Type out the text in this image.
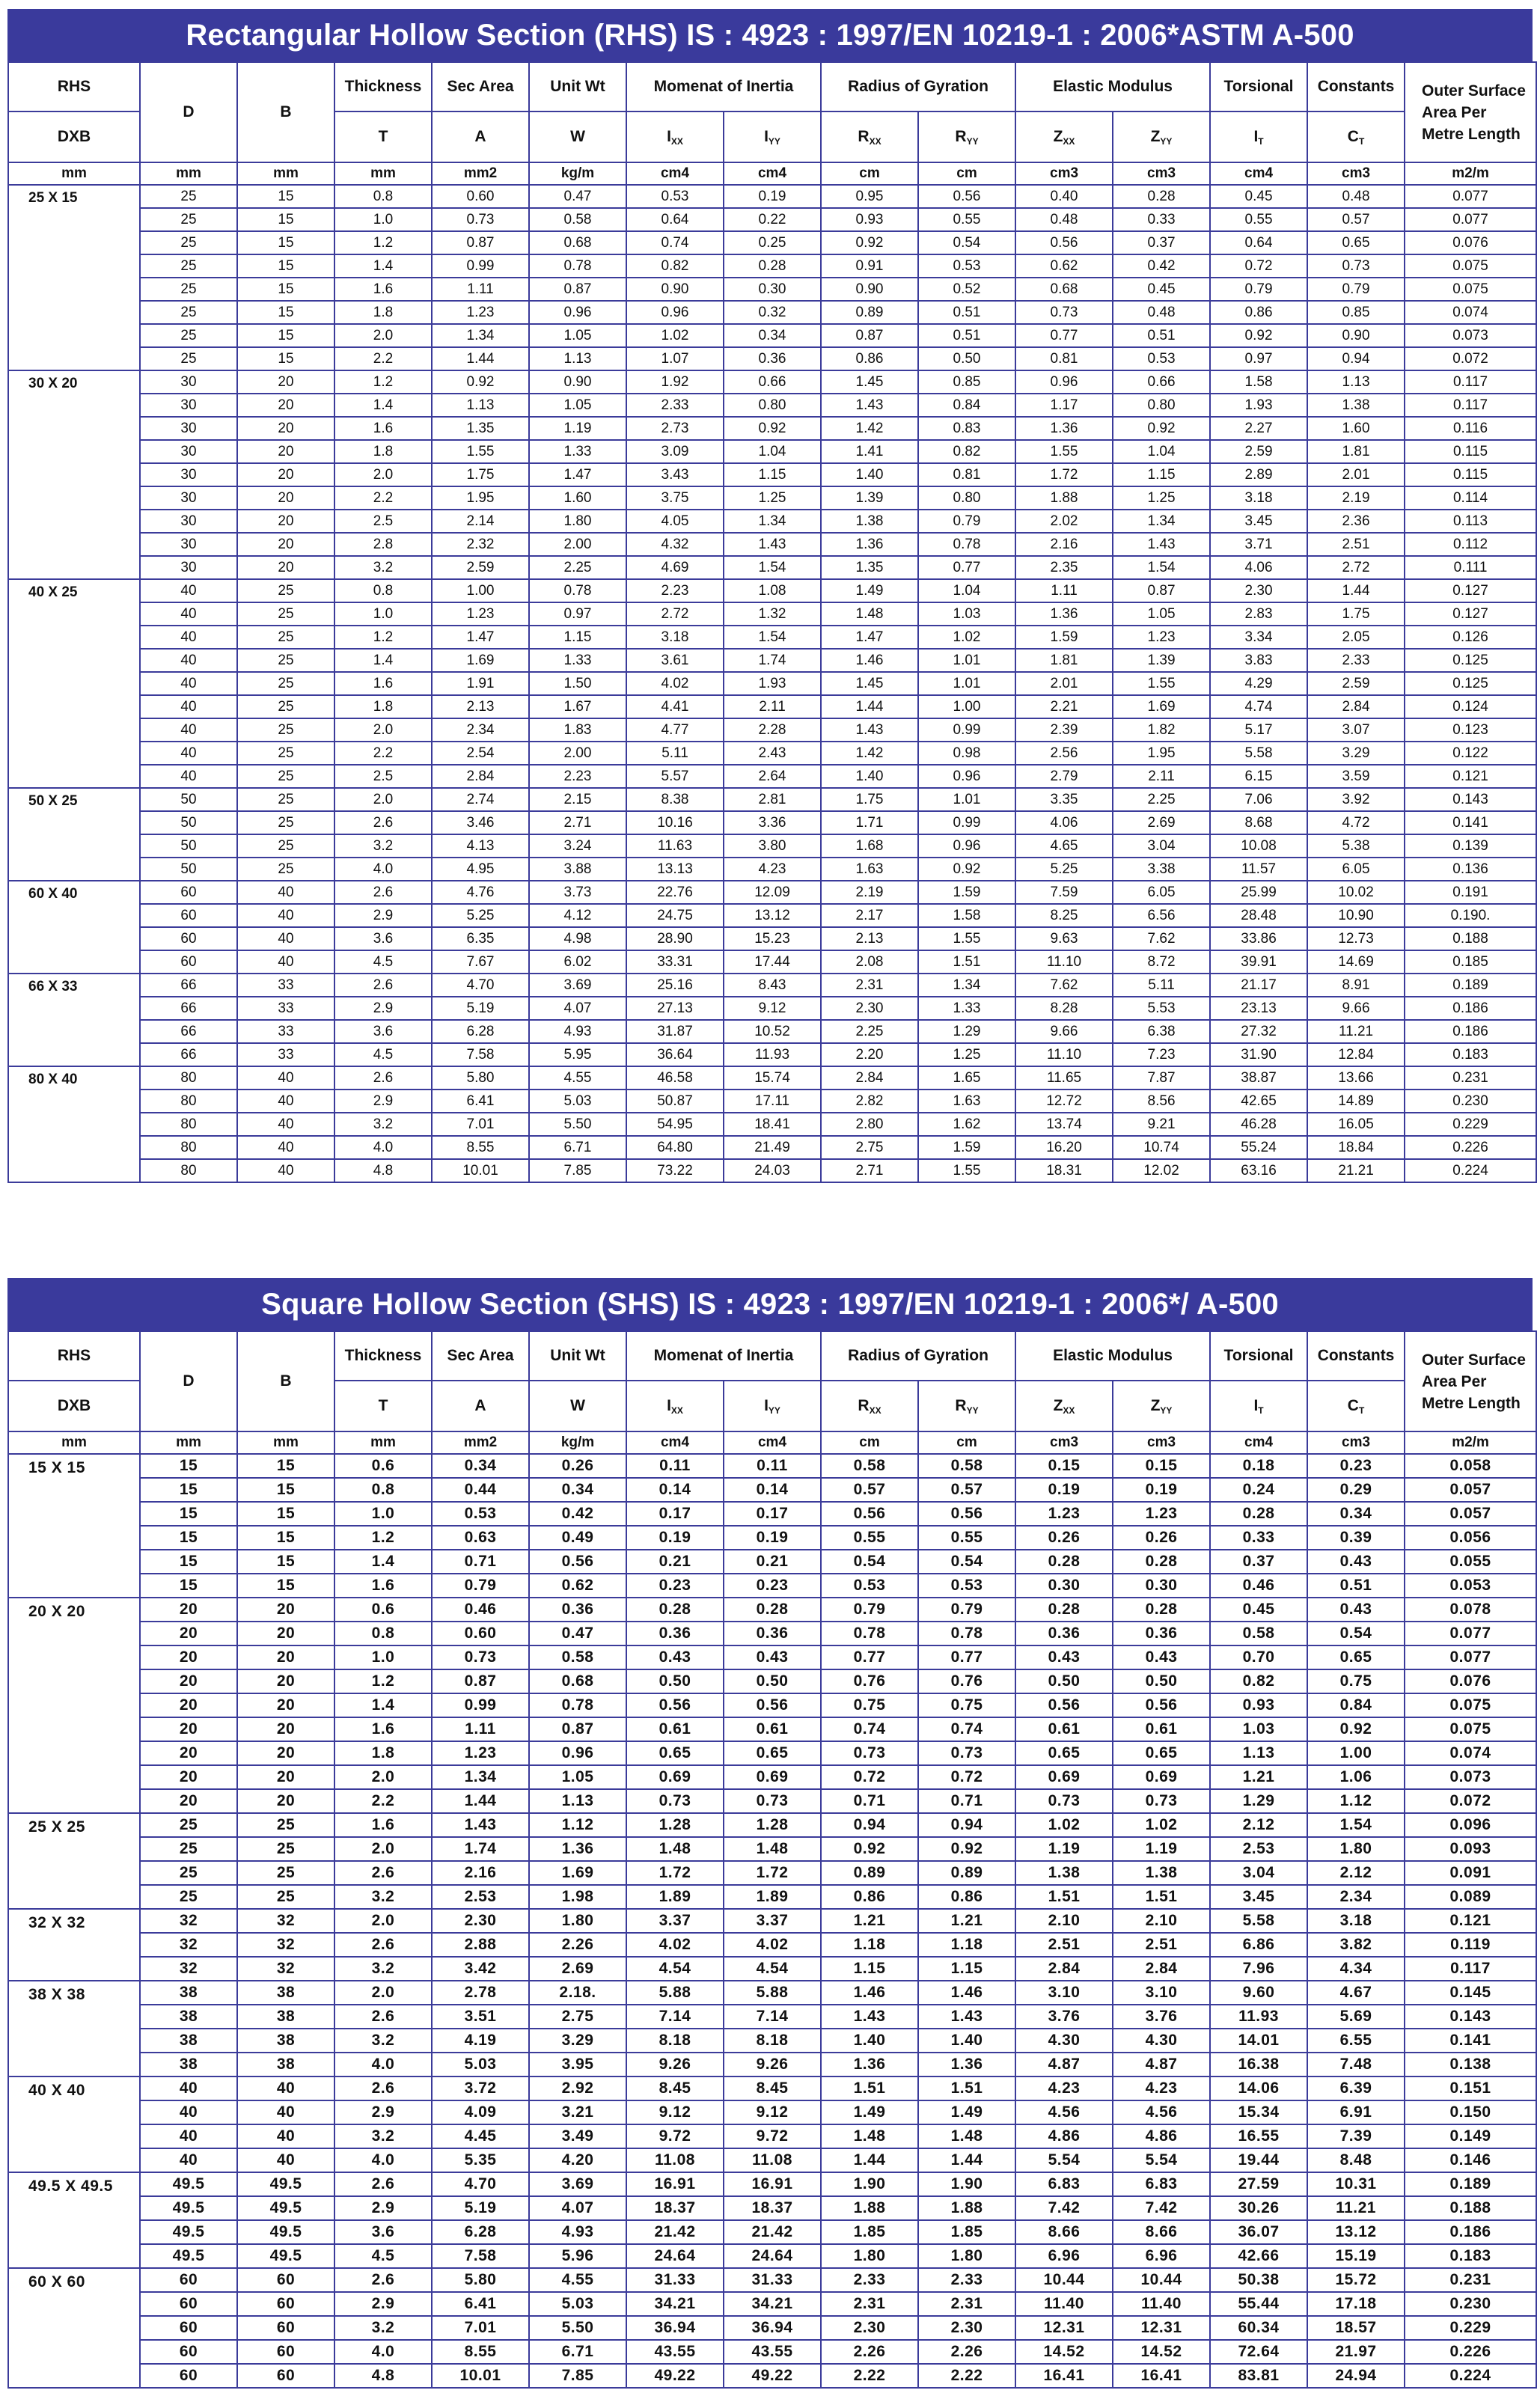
Rectangular Hollow Section (RHS) IS : 4923 : 1997/EN 10219-1 : 2006*ASTM A-500
RHS	D	B	Thickness	Sec Area	Unit Wt	Momenat of Inertia		Radius of Gyration		Elastic Modulus		Torsional	Constants	Outer Surface
Area Per
Metre Length
DXB			T	A	W	$I_{XX}$	$I_{YY}$	$R_{XX}$	$R_{YY}$	$Z_{XX}$	$Z_{YY}$	$I_T$	$C_T$
mm	mm	mm	mm	mm2	kg/m	cm4	cm4	cm	cm	cm3	cm3	cm4	cm3	m2/m
25 X 15	25	15	0.8	0.60	0.47	0.53	0.19	0.95	0.56	0.40	0.28	0.45	0.48	0.077
	25	15	1.0	0.73	0.58	0.64	0.22	0.93	0.55	0.48	0.33	0.55	0.57	0.077
	25	15	1.2	0.87	0.68	0.74	0.25	0.92	0.54	0.56	0.37	0.64	0.65	0.076
	25	15	1.4	0.99	0.78	0.82	0.28	0.91	0.53	0.62	0.42	0.72	0.73	0.075
	25	15	1.6	1.11	0.87	0.90	0.30	0.90	0.52	0.68	0.45	0.79	0.79	0.075
	25	15	1.8	1.23	0.96	0.96	0.32	0.89	0.51	0.73	0.48	0.86	0.85	0.074
	25	15	2.0	1.34	1.05	1.02	0.34	0.87	0.51	0.77	0.51	0.92	0.90	0.073
	25	15	2.2	1.44	1.13	1.07	0.36	0.86	0.50	0.81	0.53	0.97	0.94	0.072
30 X 20	30	20	1.2	0.92	0.90	1.92	0.66	1.45	0.85	0.96	0.66	1.58	1.13	0.117
	30	20	1.4	1.13	1.05	2.33	0.80	1.43	0.84	1.17	0.80	1.93	1.38	0.117
	30	20	1.6	1.35	1.19	2.73	0.92	1.42	0.83	1.36	0.92	2.27	1.60	0.116
	30	20	1.8	1.55	1.33	3.09	1.04	1.41	0.82	1.55	1.04	2.59	1.81	0.115
	30	20	2.0	1.75	1.47	3.43	1.15	1.40	0.81	1.72	1.15	2.89	2.01	0.115
	30	20	2.2	1.95	1.60	3.75	1.25	1.39	0.80	1.88	1.25	3.18	2.19	0.114
	30	20	2.5	2.14	1.80	4.05	1.34	1.38	0.79	2.02	1.34	3.45	2.36	0.113
	30	20	2.8	2.32	2.00	4.32	1.43	1.36	0.78	2.16	1.43	3.71	2.51	0.112
	30	20	3.2	2.59	2.25	4.69	1.54	1.35	0.77	2.35	1.54	4.06	2.72	0.111
40 X 25	40	25	0.8	1.00	0.78	2.23	1.08	1.49	1.04	1.11	0.87	2.30	1.44	0.127
	40	25	1.0	1.23	0.97	2.72	1.32	1.48	1.03	1.36	1.05	2.83	1.75	0.127
	40	25	1.2	1.47	1.15	3.18	1.54	1.47	1.02	1.59	1.23	3.34	2.05	0.126
	40	25	1.4	1.69	1.33	3.61	1.74	1.46	1.01	1.81	1.39	3.83	2.33	0.125
	40	25	1.6	1.91	1.50	4.02	1.93	1.45	1.01	2.01	1.55	4.29	2.59	0.125
	40	25	1.8	2.13	1.67	4.41	2.11	1.44	1.00	2.21	1.69	4.74	2.84	0.124
	40	25	2.0	2.34	1.83	4.77	2.28	1.43	0.99	2.39	1.82	5.17	3.07	0.123
	40	25	2.2	2.54	2.00	5.11	2.43	1.42	0.98	2.56	1.95	5.58	3.29	0.122
	40	25	2.5	2.84	2.23	5.57	2.64	1.40	0.96	2.79	2.11	6.15	3.59	0.121
50 X 25	50	25	2.0	2.74	2.15	8.38	2.81	1.75	1.01	3.35	2.25	7.06	3.92	0.143
	50	25	2.6	3.46	2.71	10.16	3.36	1.71	0.99	4.06	2.69	8.68	4.72	0.141
	50	25	3.2	4.13	3.24	11.63	3.80	1.68	0.96	4.65	3.04	10.08	5.38	0.139
	50	25	4.0	4.95	3.88	13.13	4.23	1.63	0.92	5.25	3.38	11.57	6.05	0.136
60 X 40	60	40	2.6	4.76	3.73	22.76	12.09	2.19	1.59	7.59	6.05	25.99	10.02	0.191
	60	40	2.9	5.25	4.12	24.75	13.12	2.17	1.58	8.25	6.56	28.48	10.90	0.190.
	60	40	3.6	6.35	4.98	28.90	15.23	2.13	1.55	9.63	7.62	33.86	12.73	0.188
	60	40	4.5	7.67	6.02	33.31	17.44	2.08	1.51	11.10	8.72	39.91	14.69	0.185
66 X 33	66	33	2.6	4.70	3.69	25.16	8.43	2.31	1.34	7.62	5.11	21.17	8.91	0.189
	66	33	2.9	5.19	4.07	27.13	9.12	2.30	1.33	8.28	5.53	23.13	9.66	0.186
	66	33	3.6	6.28	4.93	31.87	10.52	2.25	1.29	9.66	6.38	27.32	11.21	0.186
	66	33	4.5	7.58	5.95	36.64	11.93	2.20	1.25	11.10	7.23	31.90	12.84	0.183
80 X 40	80	40	2.6	5.80	4.55	46.58	15.74	2.84	1.65	11.65	7.87	38.87	13.66	0.231
	80	40	2.9	6.41	5.03	50.87	17.11	2.82	1.63	12.72	8.56	42.65	14.89	0.230
	80	40	3.2	7.01	5.50	54.95	18.41	2.80	1.62	13.74	9.21	46.28	16.05	0.229
	80	40	4.0	8.55	6.71	64.80	21.49	2.75	1.59	16.20	10.74	55.24	18.84	0.226
	80	40	4.8	10.01	7.85	73.22	24.03	2.71	1.55	18.31	12.02	63.16	21.21	0.224
Square Hollow Section (SHS) IS : 4923 : 1997/EN 10219-1 : 2006*/ A-500
RHS	D	B	Thickness	Sec Area	Unit Wt	Momenat of Inertia		Radius of Gyration		Elastic Modulus		Torsional	Constants	Outer Surface
Area Per
Metre Length
DXB			T	A	W	$I_{XX}$	$I_{YY}$	$R_{XX}$	$R_{YY}$	$Z_{XX}$	$Z_{YY}$	$I_T$	$C_T$
mm	mm	mm	mm	mm2	kg/m	cm4	cm4	cm	cm	cm3	cm3	cm4	cm3	m2/m
15 X 15	15	15	0.6	0.34	0.26	0.11	0.11	0.58	0.58	0.15	0.15	0.18	0.23	0.058
	15	15	0.8	0.44	0.34	0.14	0.14	0.57	0.57	0.19	0.19	0.24	0.29	0.057
	15	15	1.0	0.53	0.42	0.17	0.17	0.56	0.56	1.23	1.23	0.28	0.34	0.057
	15	15	1.2	0.63	0.49	0.19	0.19	0.55	0.55	0.26	0.26	0.33	0.39	0.056
	15	15	1.4	0.71	0.56	0.21	0.21	0.54	0.54	0.28	0.28	0.37	0.43	0.055
	15	15	1.6	0.79	0.62	0.23	0.23	0.53	0.53	0.30	0.30	0.46	0.51	0.053
20 X 20	20	20	0.6	0.46	0.36	0.28	0.28	0.79	0.79	0.28	0.28	0.45	0.43	0.078
	20	20	0.8	0.60	0.47	0.36	0.36	0.78	0.78	0.36	0.36	0.58	0.54	0.077
	20	20	1.0	0.73	0.58	0.43	0.43	0.77	0.77	0.43	0.43	0.70	0.65	0.077
	20	20	1.2	0.87	0.68	0.50	0.50	0.76	0.76	0.50	0.50	0.82	0.75	0.076
	20	20	1.4	0.99	0.78	0.56	0.56	0.75	0.75	0.56	0.56	0.93	0.84	0.075
	20	20	1.6	1.11	0.87	0.61	0.61	0.74	0.74	0.61	0.61	1.03	0.92	0.075
	20	20	1.8	1.23	0.96	0.65	0.65	0.73	0.73	0.65	0.65	1.13	1.00	0.074
	20	20	2.0	1.34	1.05	0.69	0.69	0.72	0.72	0.69	0.69	1.21	1.06	0.073
	20	20	2.2	1.44	1.13	0.73	0.73	0.71	0.71	0.73	0.73	1.29	1.12	0.072
25 X 25	25	25	1.6	1.43	1.12	1.28	1.28	0.94	0.94	1.02	1.02	2.12	1.54	0.096
	25	25	2.0	1.74	1.36	1.48	1.48	0.92	0.92	1.19	1.19	2.53	1.80	0.093
	25	25	2.6	2.16	1.69	1.72	1.72	0.89	0.89	1.38	1.38	3.04	2.12	0.091
	25	25	3.2	2.53	1.98	1.89	1.89	0.86	0.86	1.51	1.51	3.45	2.34	0.089
32 X 32	32	32	2.0	2.30	1.80	3.37	3.37	1.21	1.21	2.10	2.10	5.58	3.18	0.121
	32	32	2.6	2.88	2.26	4.02	4.02	1.18	1.18	2.51	2.51	6.86	3.82	0.119
	32	32	3.2	3.42	2.69	4.54	4.54	1.15	1.15	2.84	2.84	7.96	4.34	0.117
38 X 38	38	38	2.0	2.78	2.18.	5.88	5.88	1.46	1.46	3.10	3.10	9.60	4.67	0.145
	38	38	2.6	3.51	2.75	7.14	7.14	1.43	1.43	3.76	3.76	11.93	5.69	0.143
	38	38	3.2	4.19	3.29	8.18	8.18	1.40	1.40	4.30	4.30	14.01	6.55	0.141
	38	38	4.0	5.03	3.95	9.26	9.26	1.36	1.36	4.87	4.87	16.38	7.48	0.138
40 X 40	40	40	2.6	3.72	2.92	8.45	8.45	1.51	1.51	4.23	4.23	14.06	6.39	0.151
	40	40	2.9	4.09	3.21	9.12	9.12	1.49	1.49	4.56	4.56	15.34	6.91	0.150
	40	40	3.2	4.45	3.49	9.72	9.72	1.48	1.48	4.86	4.86	16.55	7.39	0.149
	40	40	4.0	5.35	4.20	11.08	11.08	1.44	1.44	5.54	5.54	19.44	8.48	0.146
49.5 X 49.5	49.5	49.5	2.6	4.70	3.69	16.91	16.91	1.90	1.90	6.83	6.83	27.59	10.31	0.189
	49.5	49.5	2.9	5.19	4.07	18.37	18.37	1.88	1.88	7.42	7.42	30.26	11.21	0.188
	49.5	49.5	3.6	6.28	4.93	21.42	21.42	1.85	1.85	8.66	8.66	36.07	13.12	0.186
	49.5	49.5	4.5	7.58	5.96	24.64	24.64	1.80	1.80	6.96	6.96	42.66	15.19	0.183
60 X 60	60	60	2.6	5.80	4.55	31.33	31.33	2.33	2.33	10.44	10.44	50.38	15.72	0.231
	60	60	2.9	6.41	5.03	34.21	34.21	2.31	2.31	11.40	11.40	55.44	17.18	0.230
	60	60	3.2	7.01	5.50	36.94	36.94	2.30	2.30	12.31	12.31	60.34	18.57	0.229
	60	60	4.0	8.55	6.71	43.55	43.55	2.26	2.26	14.52	14.52	72.64	21.97	0.226
	60	60	4.8	10.01	7.85	49.22	49.22	2.22	2.22	16.41	16.41	83.81	24.94	0.224
